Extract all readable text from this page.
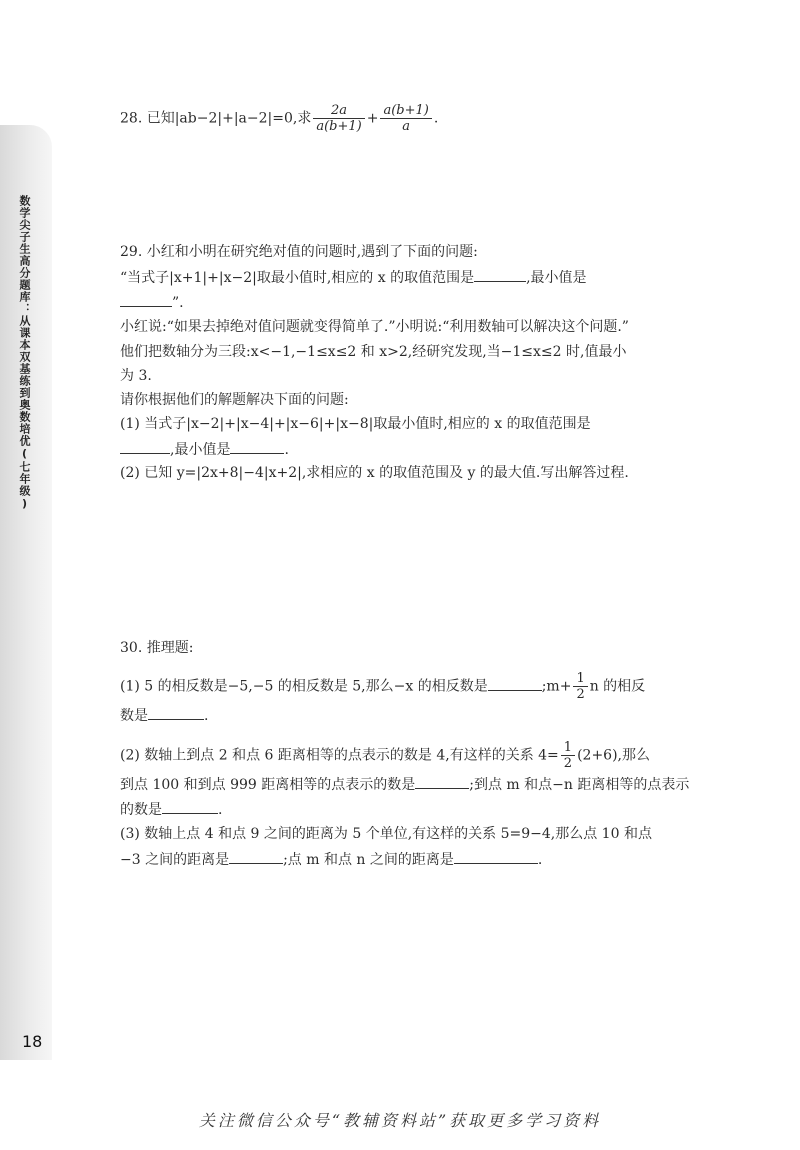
数学尖子生高分题库：从课本双基练到奥数培优(七年级)
18
28. 已知|ab−2|+|a−2|=0,求 $\frac{2a}{a(b+1)} + \frac{a(b+1)}{a}$ .
29. 小红和小明在研究绝对值的问题时,遇到了下面的问题:
“当式子|x+1|+|x−2|取最小值时,相应的 x 的取值范围是	,最小值是
”.
小红说:“如果去掉绝对值问题就变得简单了.”小明说:“利用数轴可以解决这个问题.”
他们把数轴分为三段:x<−1,−1≤x≤2 和 x>2,经研究发现,当−1≤x≤2 时,值最小
为 3.
请你根据他们的解题解决下面的问题:
(1) 当式子|x−2|+|x−4|+|x−6|+|x−8|取最小值时,相应的 x 的取值范围是
,最小值是	.
(2) 已知 y=|2x+8|−4|x+2|,求相应的 x 的取值范围及 y 的最大值.写出解答过程.
30. 推理题:
(1) 5 的相反数是−5,−5 的相反数是 5,那么−x 的相反数是	;m+ $\frac{1}{2}$ n 的相反
数是	.
(2) 数轴上到点 2 和点 6 距离相等的点表示的数是 4,有这样的关系 $4= \frac{1}{2} (2+6)$,那么
到点 100 和到点 999 距离相等的点表示的数是	;到点 m 和点−n 距离相等的点表示
的数是	.
(3) 数轴上点 4 和点 9 之间的距离为 5 个单位,有这样的关系 5=9−4,那么点 10 和点
−3 之间的距离是	;点 m 和点 n 之间的距离是	.
关注微信公众号“教辅资料站”获取更多学习资料
